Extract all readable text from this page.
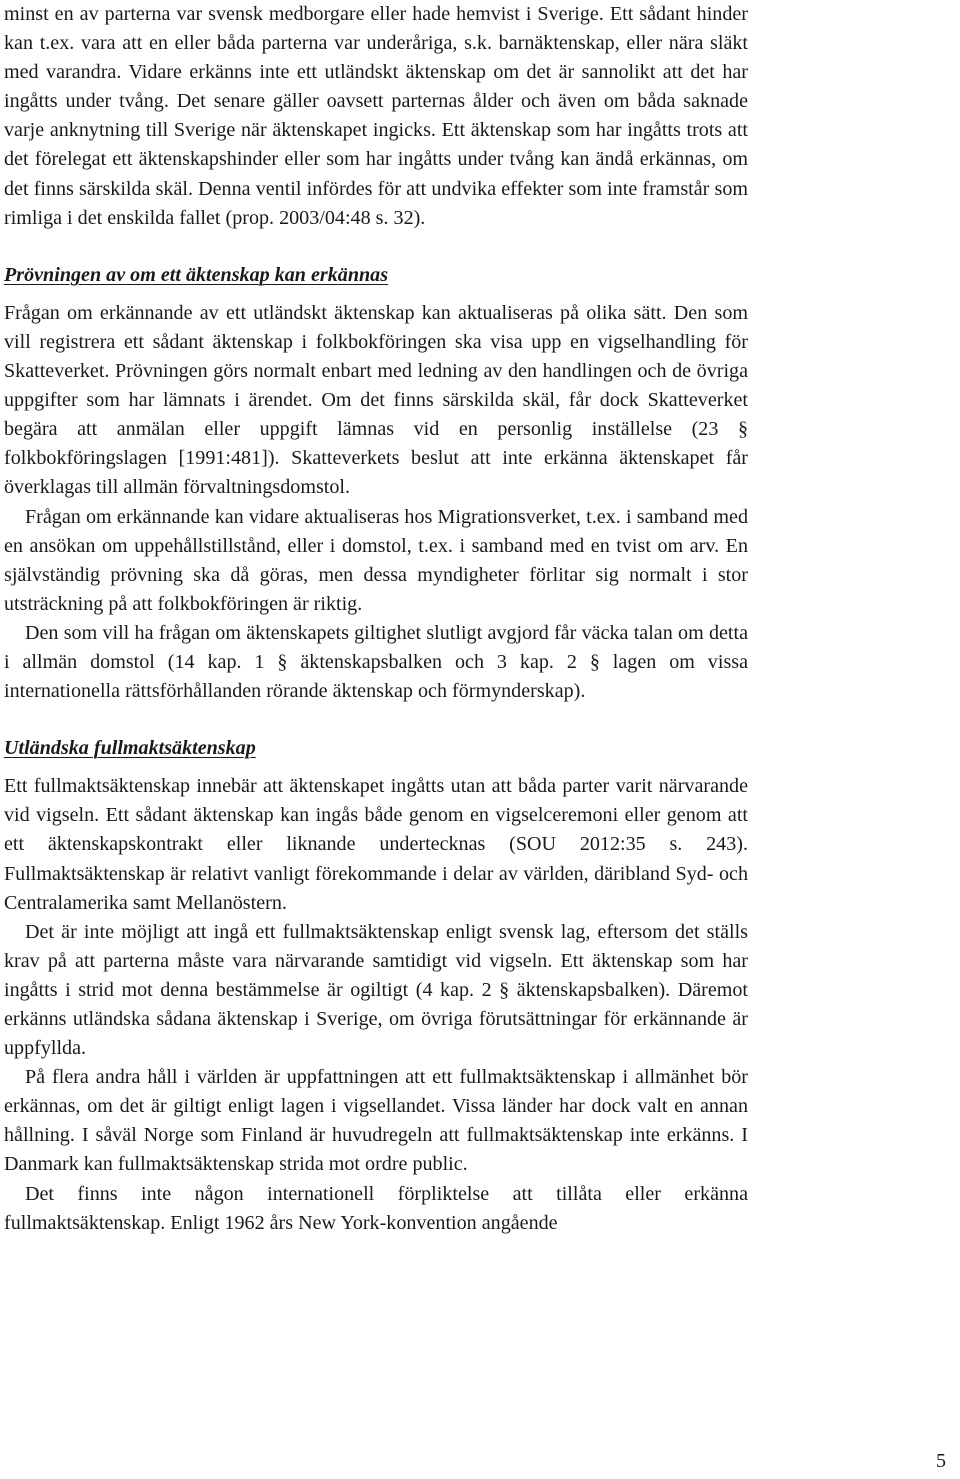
minst en av parterna var svensk medborgare eller hade hemvist i Sverige. Ett sådant hinder kan t.ex. vara att en eller båda parterna var underåriga, s.k. barnäktenskap, eller nära släkt med varandra. Vidare erkänns inte ett utländskt äktenskap om det är sannolikt att det har ingåtts under tvång. Det senare gäller oavsett parternas ålder och även om båda saknade varje anknytning till Sverige när äktenskapet ingicks. Ett äktenskap som har ingåtts trots att det förelegat ett äktenskapshinder eller som har ingåtts under tvång kan ändå erkännas, om det finns särskilda skäl. Denna ventil infördes för att undvika effekter som inte framstår som rimliga i det enskilda fallet (prop. 2003/04:48 s. 32).

Prövningen av om ett äktenskap kan erkännas

Frågan om erkännande av ett utländskt äktenskap kan aktualiseras på olika sätt. Den som vill registrera ett sådant äktenskap i folkbokföringen ska visa upp en vigselhandling för Skatteverket. Prövningen görs normalt enbart med ledning av den handlingen och de övriga uppgifter som har lämnats i ärendet. Om det finns särskilda skäl, får dock Skatteverket begära att anmälan eller uppgift lämnas vid en personlig inställelse (23 § folkbokföringslagen [1991:481]). Skatteverkets beslut att inte erkänna äktenskapet får överklagas till allmän förvaltningsdomstol.

Frågan om erkännande kan vidare aktualiseras hos Migrationsverket, t.ex. i samband med en ansökan om uppehållstillstånd, eller i domstol, t.ex. i samband med en tvist om arv. En självständig prövning ska då göras, men dessa myndigheter förlitar sig normalt i stor utsträckning på att folkbokföringen är riktig.

Den som vill ha frågan om äktenskapets giltighet slutligt avgjord får väcka talan om detta i allmän domstol (14 kap. 1 § äktenskapsbalken och 3 kap. 2 § lagen om vissa internationella rättsförhållanden rörande äktenskap och förmynderskap).

Utländska fullmaktsäktenskap

Ett fullmaktsäktenskap innebär att äktenskapet ingåtts utan att båda parter varit närvarande vid vigseln. Ett sådant äktenskap kan ingås både genom en vigselceremoni eller genom att ett äktenskapskontrakt eller liknande undertecknas (SOU 2012:35 s. 243). Fullmaktsäktenskap är relativt vanligt förekommande i delar av världen, däribland Syd- och Centralamerika samt Mellanöstern.

Det är inte möjligt att ingå ett fullmaktsäktenskap enligt svensk lag, eftersom det ställs krav på att parterna måste vara närvarande samtidigt vid vigseln. Ett äktenskap som har ingåtts i strid mot denna bestämmelse är ogiltigt (4 kap. 2 § äktenskapsbalken). Däremot erkänns utländska sådana äktenskap i Sverige, om övriga förutsättningar för erkännande är uppfyllda.

På flera andra håll i världen är uppfattningen att ett fullmaktsäktenskap i allmänhet bör erkännas, om det är giltigt enligt lagen i vigsellandet. Vissa länder har dock valt en annan hållning. I såväl Norge som Finland är huvudregeln att fullmaktsäktenskap inte erkänns. I Danmark kan fullmaktsäktenskap strida mot ordre public.

Det finns inte någon internationell förpliktelse att tillåta eller erkänna fullmaktsäktenskap. Enligt 1962 års New York-konvention angående

5
